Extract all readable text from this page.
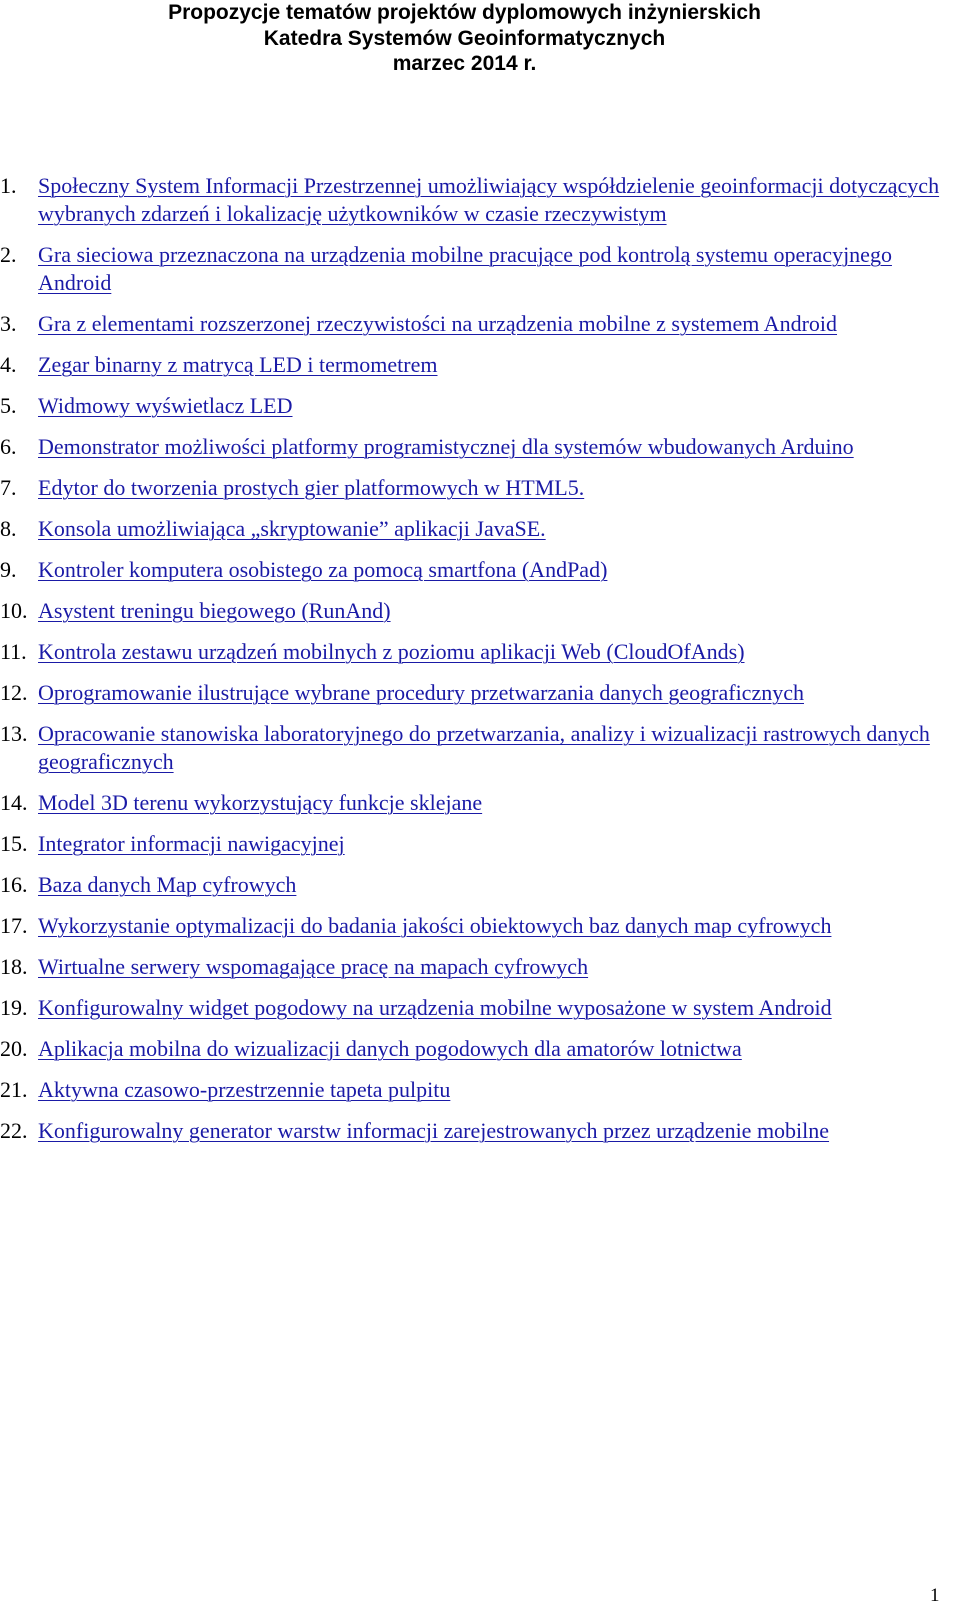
Propozycje tematów projektów dyplomowych inżynierskich
Katedra Systemów Geoinformatycznych
marzec 2014 r.
1. Społeczny System Informacji Przestrzennej umożliwiający współdzielenie geoinformacji dotyczących wybranych zdarzeń i lokalizację użytkowników w czasie rzeczywistym
2. Gra sieciowa przeznaczona na urządzenia mobilne pracujące pod kontrolą systemu operacyjnego Android
3. Gra z elementami rozszerzonej rzeczywistości na urządzenia mobilne z systemem Android
4. Zegar binarny z matrycą LED i termometrem
5. Widmowy wyświetlacz LED
6. Demonstrator możliwości platformy programistycznej dla systemów wbudowanych Arduino
7. Edytor do tworzenia prostych gier platformowych w HTML5.
8. Konsola umożliwiająca „skryptowanie” aplikacji JavaSE.
9. Kontroler komputera osobistego za pomocą smartfona (AndPad)
10. Asystent treningu biegowego (RunAnd)
11. Kontrola zestawu urządzeń mobilnych z poziomu aplikacji Web (CloudOfAnds)
12. Oprogramowanie ilustrujące wybrane procedury przetwarzania danych geograficznych
13. Opracowanie stanowiska laboratoryjnego do przetwarzania, analizy i wizualizacji rastrowych danych geograficznych
14. Model 3D terenu wykorzystujący funkcje sklejane
15. Integrator informacji nawigacyjnej
16. Baza danych Map cyfrowych
17. Wykorzystanie optymalizacji do badania jakości obiektowych baz danych map cyfrowych
18. Wirtualne serwery wspomagające pracę na mapach cyfrowych
19. Konfigurowalny widget pogodowy na urządzenia mobilne wyposażone w system Android
20. Aplikacja mobilna do wizualizacji danych pogodowych dla amatorów lotnictwa
21. Aktywna czasowo-przestrzennie tapeta pulpitu
22. Konfigurowalny generator warstw informacji zarejestrowanych przez urządzenie mobilne
1
